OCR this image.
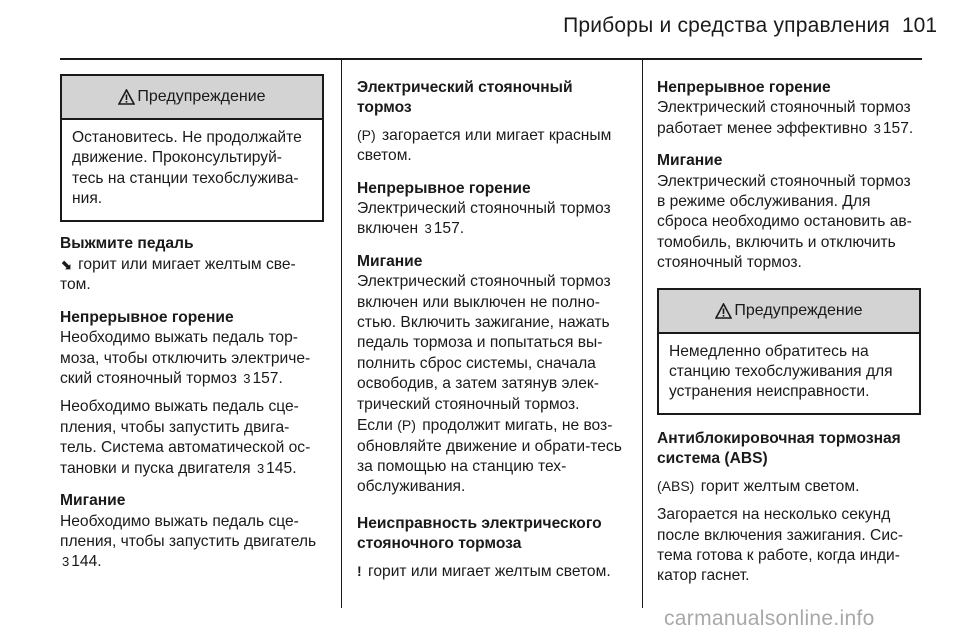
Приборы и средства управления 101
Предупреждение
Остановитесь. Не продолжайте движение. Проконсультируй-тесь на станции техобслужива-ния.

Выжмите педаль

⬊ горит или мигает желтым све-том.

Непрерывное горение

Необходимо выжать педаль тор-моза, чтобы отключить электриче-ский стояночный тормоз 3 157.

Необходимо выжать педаль сце-пления, чтобы запустить двига-тель. Система автоматической ос-тановки и пуска двигателя 3 145.

Мигание

Необходимо выжать педаль сце-пления, чтобы запустить двигатель 3 144.

Электрический стояночный тормоз

(P) загорается или мигает красным светом.

Непрерывное горение

Электрический стояночный тормоз включен 3 157.

Мигание

Электрический стояночный тормоз включен или выключен не полно-стью. Включить зажигание, нажать педаль тормоза и попытаться вы-полнить сброс системы, сначала освободив, а затем затянув элек-трический стояночный тормоз.

Если (P) продолжит мигать, не воз-обновляйте движение и обрати-тесь за помощью на станцию тех-обслуживания.

Неисправность электрического стояночного тормоза

! горит или мигает желтым светом.

Непрерывное горение

Электрический стояночный тормоз работает менее эффективно 3 157.

Мигание

Электрический стояночный тормоз в режиме обслуживания. Для сброса необходимо остановить ав-томобиль, включить и отключить стояночный тормоз.

Предупреждение
Немедленно обратитесь на станцию техобслуживания для устранения неисправности.

Антиблокировочная тормозная система (ABS)

(ABS) горит желтым светом.

Загорается на несколько секунд после включения зажигания. Сис-тема готова к работе, когда инди-катор гаснет.

carmanualsonline.info
